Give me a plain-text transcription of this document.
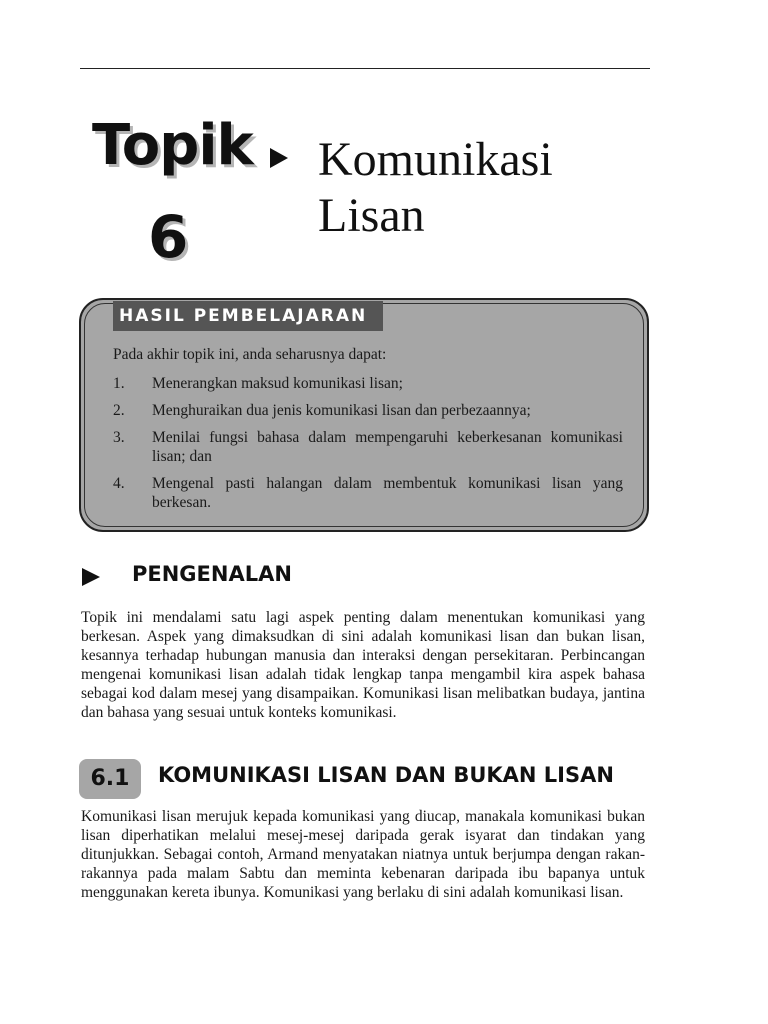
Topik
6
Komunikasi
Lisan
HASIL PEMBELAJARAN
Pada akhir topik ini, anda seharusnya dapat:
1. Menerangkan maksud komunikasi lisan;
2. Menghuraikan dua jenis komunikasi lisan dan perbezaannya;
3. Menilai fungsi bahasa dalam mempengaruhi keberkesanan komunikasi lisan; dan
4. Mengenal pasti halangan dalam membentuk komunikasi lisan yang berkesan.
PENGENALAN

Topik ini mendalami satu lagi aspek penting dalam menentukan komunikasi yang berkesan. Aspek yang dimaksudkan di sini adalah komunikasi lisan dan bukan lisan, kesannya terhadap hubungan manusia dan interaksi dengan persekitaran. Perbincangan mengenai komunikasi lisan adalah tidak lengkap tanpa mengambil kira aspek bahasa sebagai kod dalam mesej yang disampaikan. Komunikasi lisan melibatkan budaya, jantina dan bahasa yang sesuai untuk konteks komunikasi.

6.1	KOMUNIKASI LISAN DAN BUKAN LISAN

Komunikasi lisan merujuk kepada komunikasi yang diucap, manakala komunikasi bukan lisan diperhatikan melalui mesej-mesej daripada gerak isyarat dan tindakan yang ditunjukkan. Sebagai contoh, Armand menyatakan niatnya untuk berjumpa dengan rakan-rakannya pada malam Sabtu dan meminta kebenaran daripada ibu bapanya untuk menggunakan kereta ibunya. Komunikasi yang berlaku di sini adalah komunikasi lisan.
